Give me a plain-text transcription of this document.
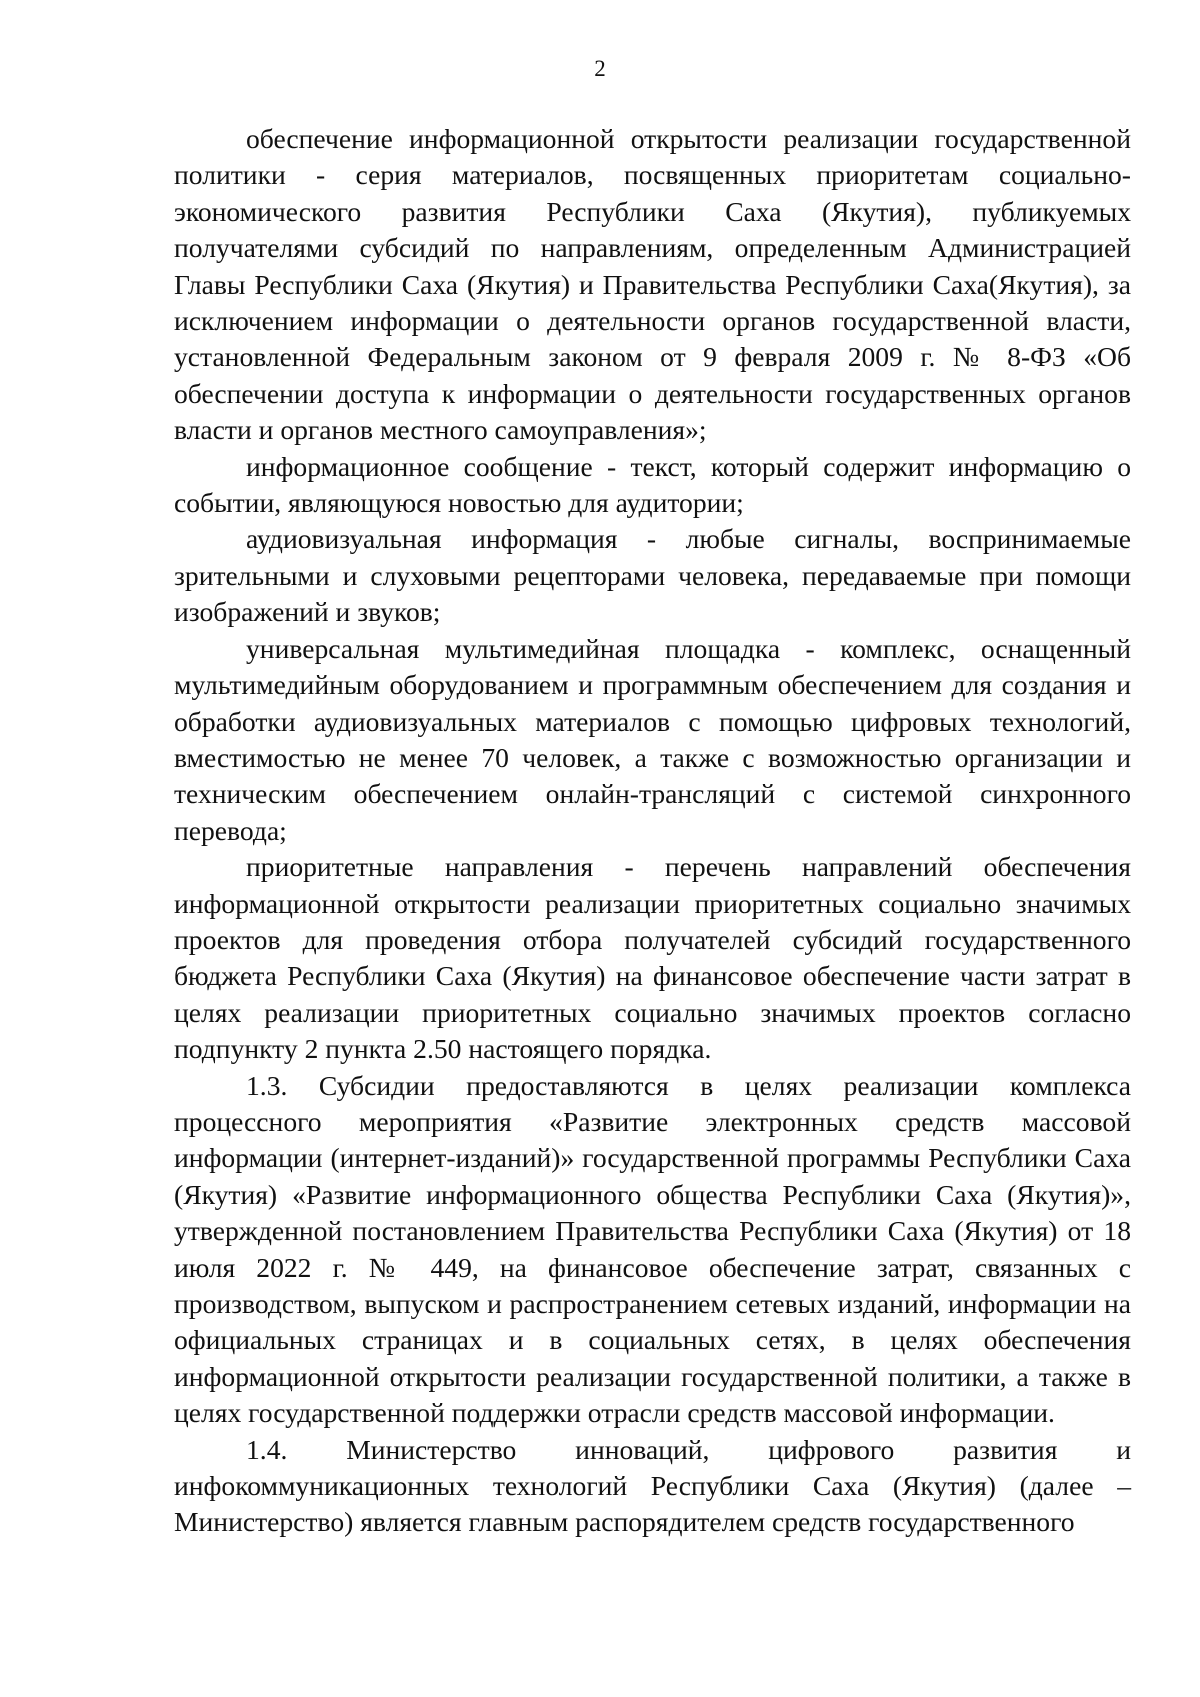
2

обеспечение информационной открытости реализации государственной политики - серия материалов, посвященных приоритетам социально-экономического развития Республики Саха (Якутия), публикуемых получателями субсидий по направлениям, определенным Администрацией Главы Республики Саха (Якутия) и Правительства Республики Саха(Якутия), за исключением информации о деятельности органов государственной власти, установленной Федеральным законом от 9 февраля 2009 г. № 8-ФЗ «Об обеспечении доступа к информации о деятельности государственных органов власти и органов местного самоуправления»;

информационное сообщение - текст, который содержит информацию о событии, являющуюся новостью для аудитории;

аудиовизуальная информация - любые сигналы, воспринимаемые зрительными и слуховыми рецепторами человека, передаваемые при помощи изображений и звуков;

универсальная мультимедийная площадка - комплекс, оснащенный мультимедийным оборудованием и программным обеспечением для создания и обработки аудиовизуальных материалов с помощью цифровых технологий, вместимостью не менее 70 человек, а также с возможностью организации и техническим обеспечением онлайн-трансляций с системой синхронного перевода;

приоритетные направления - перечень направлений обеспечения информационной открытости реализации приоритетных социально значимых проектов для проведения отбора получателей субсидий государственного бюджета Республики Саха (Якутия) на финансовое обеспечение части затрат в целях реализации приоритетных социально значимых проектов согласно подпункту 2 пункта 2.50 настоящего порядка.

1.3. Субсидии предоставляются в целях реализации комплекса процессного мероприятия «Развитие электронных средств массовой информации (интернет-изданий)» государственной программы Республики Саха (Якутия) «Развитие информационного общества Республики Саха (Якутия)», утвержденной постановлением Правительства Республики Саха (Якутия) от 18 июля 2022 г. № 449, на финансовое обеспечение затрат, связанных с производством, выпуском и распространением сетевых изданий, информации на официальных страницах и в социальных сетях, в целях обеспечения информационной открытости реализации государственной политики, а также в целях государственной поддержки отрасли средств массовой информации.

1.4. Министерство инноваций, цифрового развития и инфокоммуникационных технологий Республики Саха (Якутия) (далее – Министерство) является главным распорядителем средств государственного
